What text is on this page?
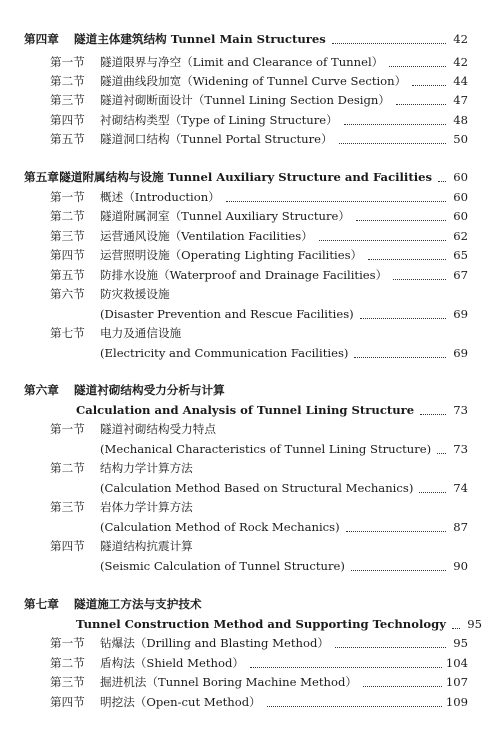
第四章	隧道主体建筑结构 Tunnel Main Structures	42
第一节	隧道限界与净空（Limit and Clearance of Tunnel）	42
第二节	隧道曲线段加宽（Widening of Tunnel Curve Section）	44
第三节	隧道衬砌断面设计（Tunnel Lining Section Design）	47
第四节	衬砌结构类型（Type of Lining Structure）	48
第五节	隧道洞口结构（Tunnel Portal Structure）	50
第五章 隧道附属结构与设施 Tunnel Auxiliary Structure and Facilities 60
第一节	概述（Introduction）	60
第二节	隧道附属洞室（Tunnel Auxiliary Structure）	60
第三节	运营通风设施（Ventilation Facilities）	62
第四节	运营照明设施（Operating Lighting Facilities）	65
第五节	防排水设施（Waterproof and Drainage Facilities）	67
第六节	防灾救援设施
(Disaster Prevention and Rescue Facilities)	69
第七节	电力及通信设施
(Electricity and Communication Facilities)	69
第六章	隧道衬砌结构受力分析与计算
Calculation and Analysis of Tunnel Lining Structure	73
第一节	隧道衬砌结构受力特点
(Mechanical Characteristics of Tunnel Lining Structure) 73
第二节	结构力学计算方法
(Calculation Method Based on Structural Mechanics)	74
第三节	岩体力学计算方法
(Calculation Method of Rock Mechanics)	87
第四节	隧道结构抗震计算
(Seismic Calculation of Tunnel Structure)	90
第七章	隧道施工方法与支护技术
Tunnel Construction Method and Supporting Technology 95
第一节	钻爆法（Drilling and Blasting Method）	95
第二节	盾构法（Shield Method）	104
第三节	掘进机法（Tunnel Boring Machine Method）	107
第四节	明挖法（Open-cut Method）	109
